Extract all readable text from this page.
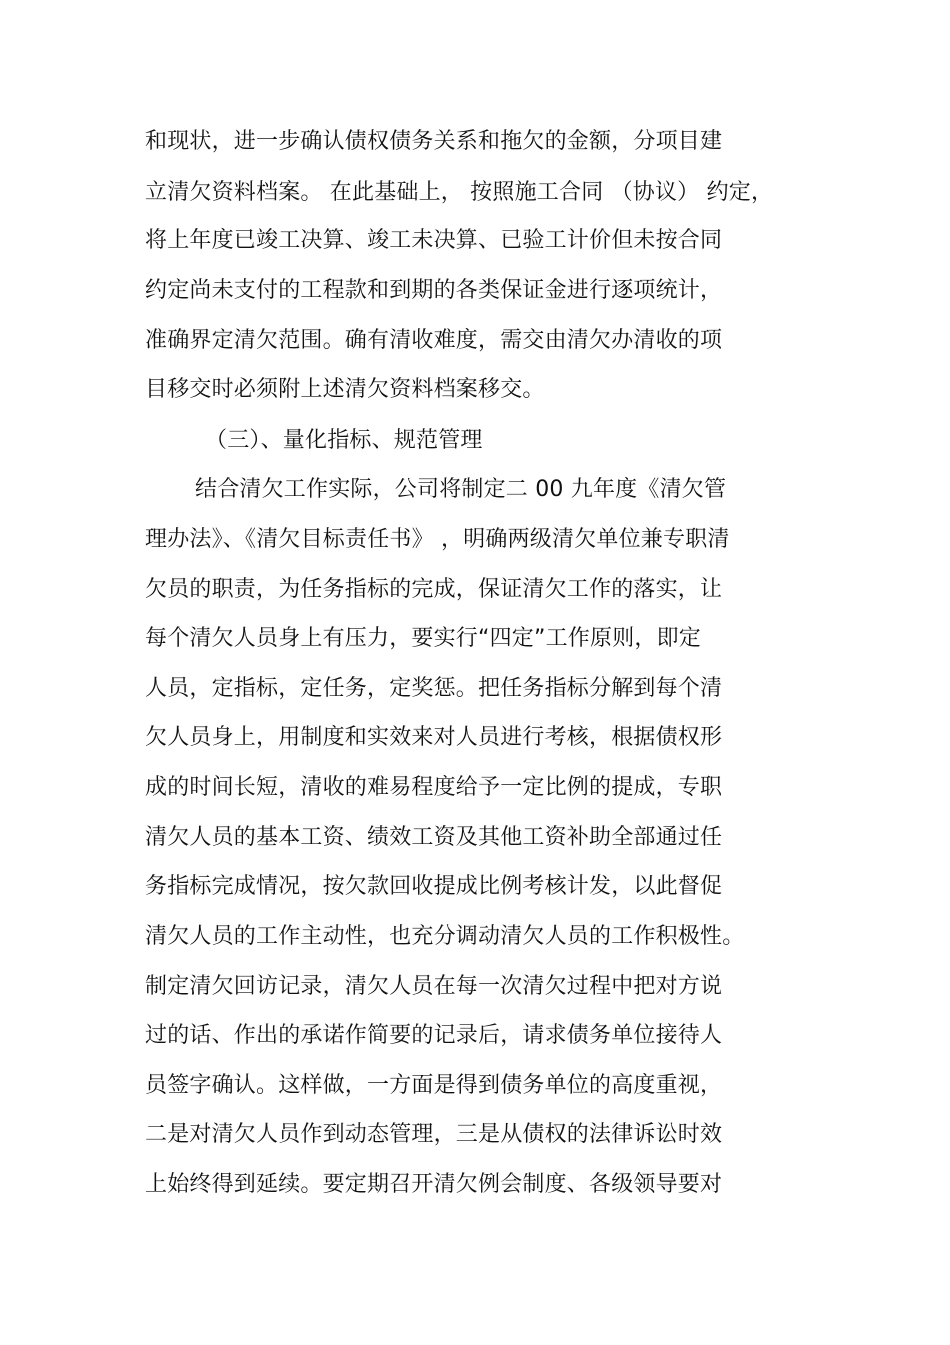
和现状，进一步确认债权债务关系和拖欠的金额，分项目建
立清欠资料档案。 在此基础上， 按照施工合同 （协议） 约定，
将上年度已竣工决算、竣工未决算、已验工计价但未按合同
约定尚未支付的工程款和到期的各类保证金进行逐项统计，
准确界定清欠范围。确有清收难度，需交由清欠办清收的项
目移交时必须附上述清欠资料档案移交。
（三）、量化指标、规范管理
结合清欠工作实际，公司将制定二 00 九年度《清欠管
理办法》、《清欠目标责任书》 ，明确两级清欠单位兼专职清
欠员的职责，为任务指标的完成，保证清欠工作的落实，让
每个清欠人员身上有压力，要实行“四定”工作原则，即定
人员，定指标，定任务，定奖惩。把任务指标分解到每个清
欠人员身上，用制度和实效来对人员进行考核，根据债权形
成的时间长短，清收的难易程度给予一定比例的提成，专职
清欠人员的基本工资、绩效工资及其他工资补助全部通过任
务指标完成情况，按欠款回收提成比例考核计发，以此督促
清欠人员的工作主动性，也充分调动清欠人员的工作积极性。
制定清欠回访记录，清欠人员在每一次清欠过程中把对方说
过的话、作出的承诺作简要的记录后，请求债务单位接待人
员签字确认。这样做，一方面是得到债务单位的高度重视，
二是对清欠人员作到动态管理，三是从债权的法律诉讼时效
上始终得到延续。要定期召开清欠例会制度、各级领导要对
